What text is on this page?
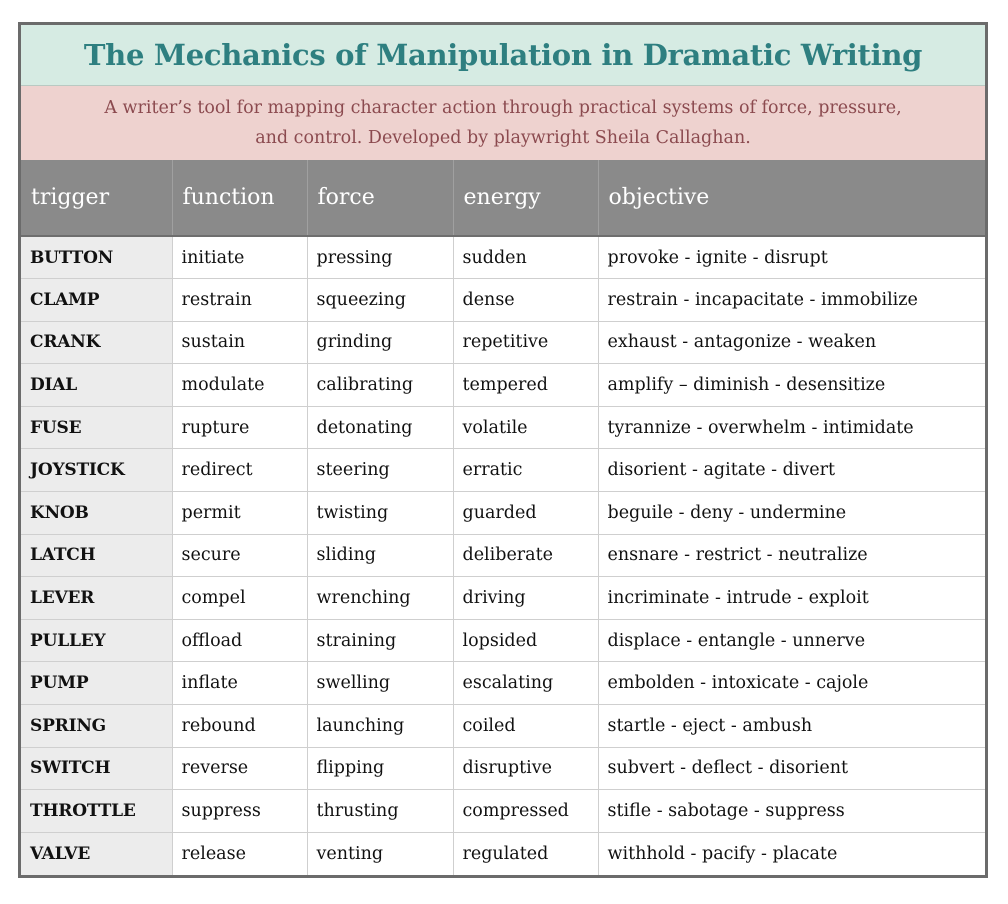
The Mechanics of Manipulation in Dramatic Writing
A writer’s tool for mapping character action through practical systems of force, pressure,
and control. Developed by playwright Sheila Callaghan.
trigger	function	force	energy	objective
BUTTON	initiate	pressing	sudden	provoke - ignite - disrupt
CLAMP	restrain	squeezing	dense	restrain - incapacitate - immobilize
CRANK	sustain	grinding	repetitive	exhaust - antagonize - weaken
DIAL	modulate	calibrating	tempered	amplify – diminish - desensitize
FUSE	rupture	detonating	volatile	tyrannize - overwhelm - intimidate
JOYSTICK	redirect	steering	erratic	disorient - agitate - divert
KNOB	permit	twisting	guarded	beguile - deny - undermine
LATCH	secure	sliding	deliberate	ensnare - restrict - neutralize
LEVER	compel	wrenching	driving	incriminate - intrude - exploit
PULLEY	offload	straining	lopsided	displace - entangle - unnerve
PUMP	inflate	swelling	escalating	embolden - intoxicate - cajole
SPRING	rebound	launching	coiled	startle - eject - ambush
SWITCH	reverse	flipping	disruptive	subvert - deflect - disorient
THROTTLE	suppress	thrusting	compressed	stifle - sabotage - suppress
VALVE	release	venting	regulated	withhold - pacify - placate
